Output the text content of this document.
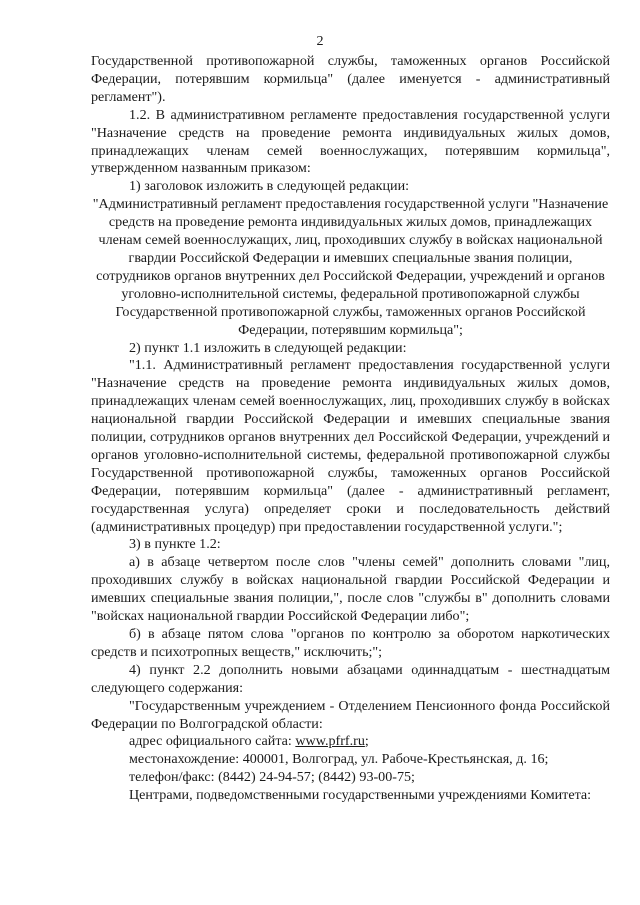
2

Государственной противопожарной службы, таможенных органов Российской Федерации, потерявшим кормильца" (далее именуется - административный регламент").

1.2. В административном регламенте предоставления государственной услуги "Назначение средств на проведение ремонта индивидуальных жилых домов, принадлежащих членам семей военнослужащих, потерявшим кормильца", утвержденном названным приказом:

1) заголовок изложить в следующей редакции:

"Административный регламент предоставления государственной услуги "Назначение средств на проведение ремонта индивидуальных жилых домов, принадлежащих членам семей военнослужащих, лиц, проходивших службу в войсках национальной гвардии Российской Федерации и имевших специальные звания полиции, сотрудников органов внутренних дел Российской Федерации, учреждений и органов уголовно-исполнительной системы, федеральной противопожарной службы Государственной противопожарной службы, таможенных органов Российской Федерации, потерявшим кормильца";

2) пункт 1.1 изложить в следующей редакции:

"1.1. Административный регламент предоставления государственной услуги "Назначение средств на проведение ремонта индивидуальных жилых домов, принадлежащих членам семей военнослужащих, лиц, проходивших службу в войсках национальной гвардии Российской Федерации и имевших специальные звания полиции, сотрудников органов внутренних дел Российской Федерации, учреждений и органов уголовно-исполнительной системы, федеральной противопожарной службы Государственной противопожарной службы, таможенных органов Российской Федерации, потерявшим кормильца" (далее - административный регламент, государственная услуга) определяет сроки и последовательность действий (административных процедур) при предоставлении государственной услуги.";

3) в пункте 1.2:

а) в абзаце четвертом после слов "члены семей" дополнить словами "лиц, проходивших службу в войсках национальной гвардии Российской Федерации и имевших специальные звания полиции,", после слов "службы в" дополнить словами "войсках национальной гвардии Российской Федерации либо";

б) в абзаце пятом слова "органов по контролю за оборотом наркотических средств и психотропных веществ," исключить;";

4) пункт 2.2 дополнить новыми абзацами одиннадцатым - шестнадцатым следующего содержания:

"Государственным учреждением - Отделением Пенсионного фонда Российской Федерации по Волгоградской области:

адрес официального сайта: www.pfrf.ru;

местонахождение: 400001, Волгоград, ул. Рабоче-Крестьянская, д. 16;

телефон/факс: (8442) 24-94-57; (8442) 93-00-75;

Центрами, подведомственными государственными учреждениями Комитета:
